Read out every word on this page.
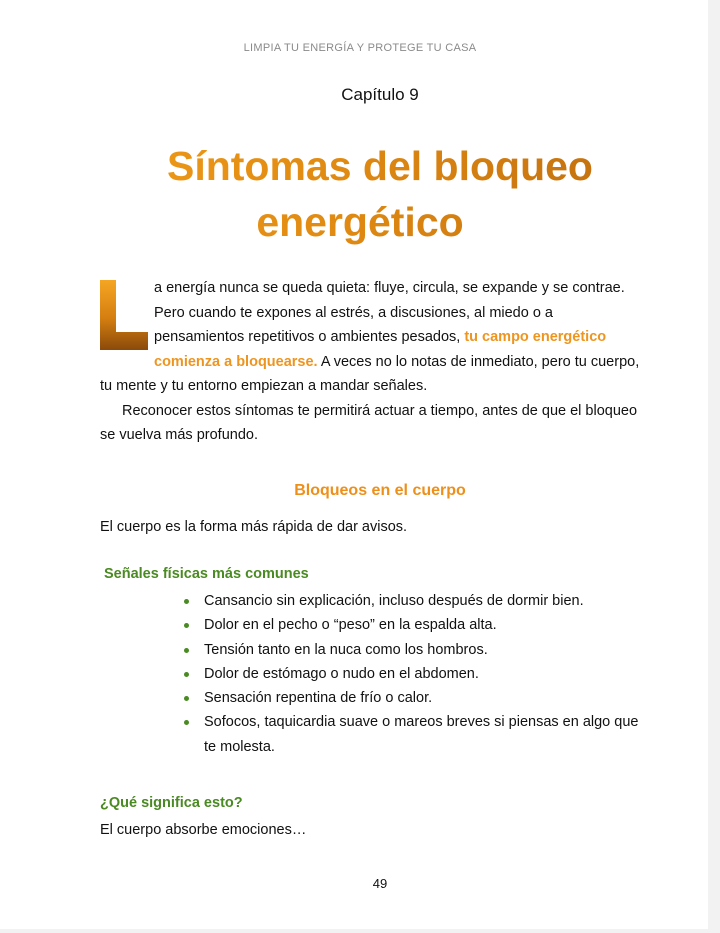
LIMPIA TU ENERGÍA Y PROTEGE TU CASA
Capítulo 9
Síntomas del bloqueo
energético
a energía nunca se queda quieta: fluye, circula, se expande y se contrae. Pero cuando te expones al estrés, a discusiones, al miedo o a pensamientos repetitivos o ambientes pesados, tu campo energético comienza a bloquearse. A veces no lo notas de inmediato, pero tu cuerpo, tu mente y tu entorno empiezan a mandar señales.
Reconocer estos síntomas te permitirá actuar a tiempo, antes de que el bloqueo se vuelva más profundo.
Bloqueos en el cuerpo
El cuerpo es la forma más rápida de dar avisos.
Señales físicas más comunes
Cansancio sin explicación, incluso después de dormir bien.
Dolor en el pecho o “peso” en la espalda alta.
Tensión tanto en la nuca como los hombros.
Dolor de estómago o nudo en el abdomen.
Sensación repentina de frío o calor.
Sofocos, taquicardia suave o mareos breves si piensas en algo que te molesta.
¿Qué significa esto?
El cuerpo absorbe emociones…
49
